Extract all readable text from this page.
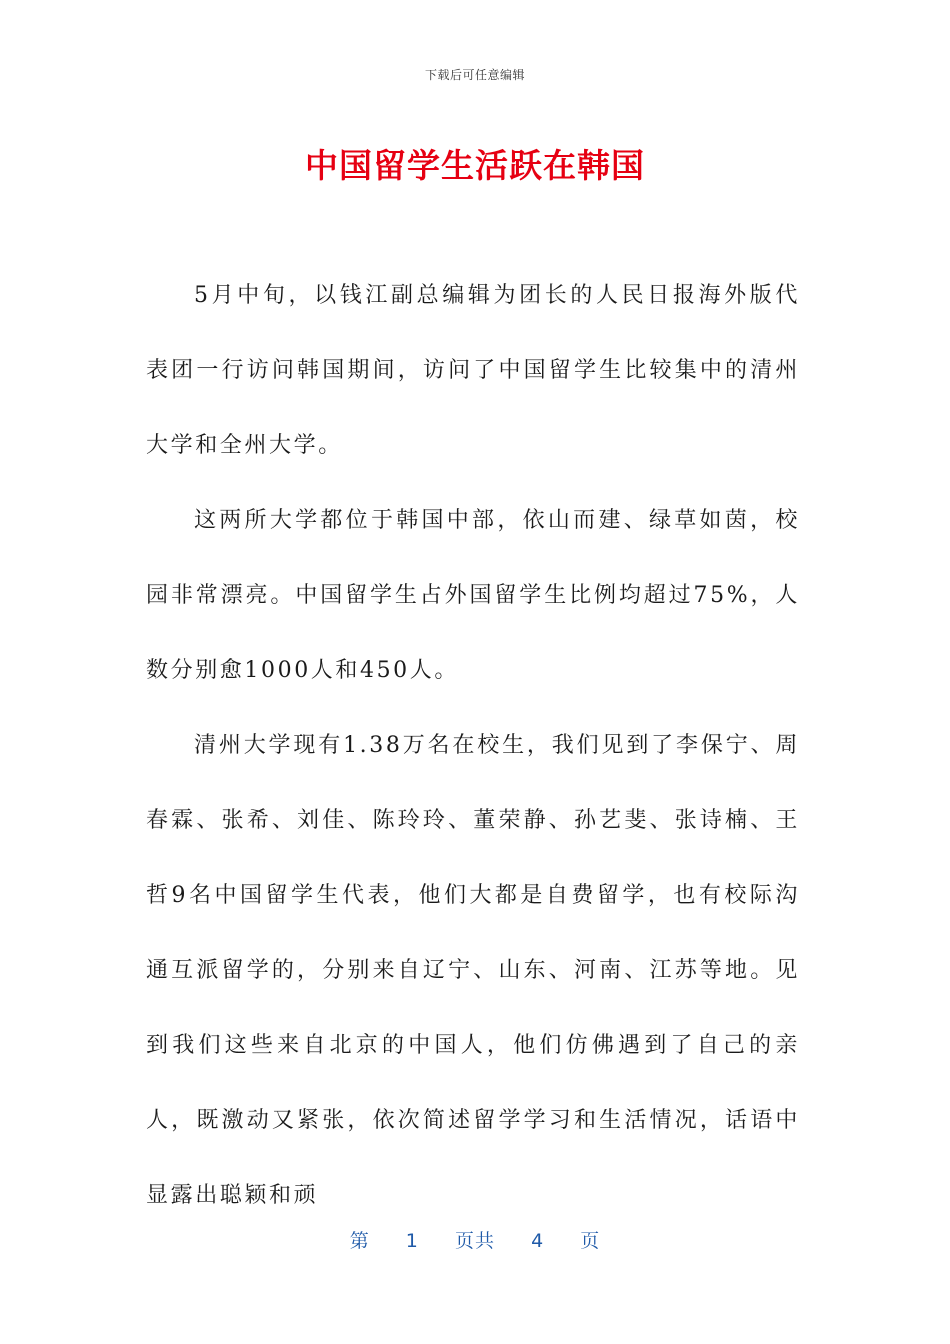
下载后可任意编辑
中国留学生活跃在韩国

5月中旬，以钱江副总编辑为团长的人民日报海外版代表团一行访问韩国期间，访问了中国留学生比较集中的清州大学和全州大学。

这两所大学都位于韩国中部，依山而建、绿草如茵，校园非常漂亮。中国留学生占外国留学生比例均超过75%，人数分别愈1000人和450人。

清州大学现有1.38万名在校生，我们见到了李保宁、周春霖、张希、刘佳、陈玲玲、董荣静、孙艺斐、张诗楠、王哲9名中国留学生代表，他们大都是自费留学，也有校际沟通互派留学的，分别来自辽宁、山东、河南、江苏等地。见到我们这些来自北京的中国人，他们仿佛遇到了自己的亲人，既激动又紧张，依次简述留学学习和生活情况，话语中显露出聪颖和顽

第 1 页共 4 页
